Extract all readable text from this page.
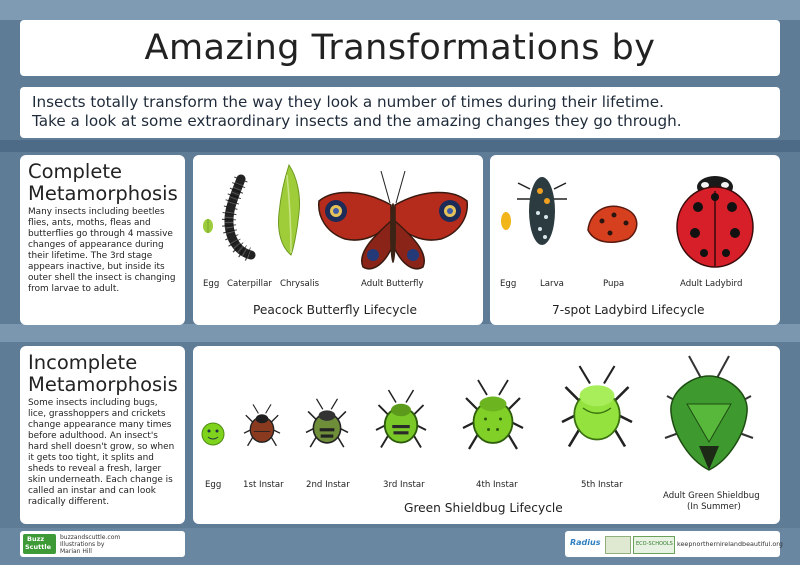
Amazing Transformations by

Insects totally transform the way they look a number of times during their lifetime.

Take a look at some extraordinary insects and the amazing changes they go through.

Complete
Metamorphosis

Many insects including beetles flies, ants, moths, fleas and butterflies go through 4 massive changes of appearance during their lifetime. The 3rd stage appears inactive, but inside its outer shell the insect is changing from larvae to adult.

Incomplete
Metamorphosis

Some insects including bugs, lice, grasshoppers and crickets change appearance many times before adulthood. An insect's hard shell doesn't grow, so when it gets too tight, it splits and sheds to reveal a fresh, larger skin underneath. Each change is called an instar and can look radically different.

Egg Caterpillar Chrysalis	Adult Butterfly
Peacock Butterfly Lifecycle
Egg	Larva	Pupa	Adult Ladybird
7-spot Ladybird Lifecycle
Egg	1st Instar	2nd Instar	3rd Instar	4th Instar	5th Instar
Adult Green Shieldbug
(In Summer)
Green Shieldbug Lifecycle
Buzz
Scuttle
buzzandscuttle.com
Illustrations by
Marian Hill
Radius	ECO-SCHOOLS keepnorthernirelandbeautiful.org
